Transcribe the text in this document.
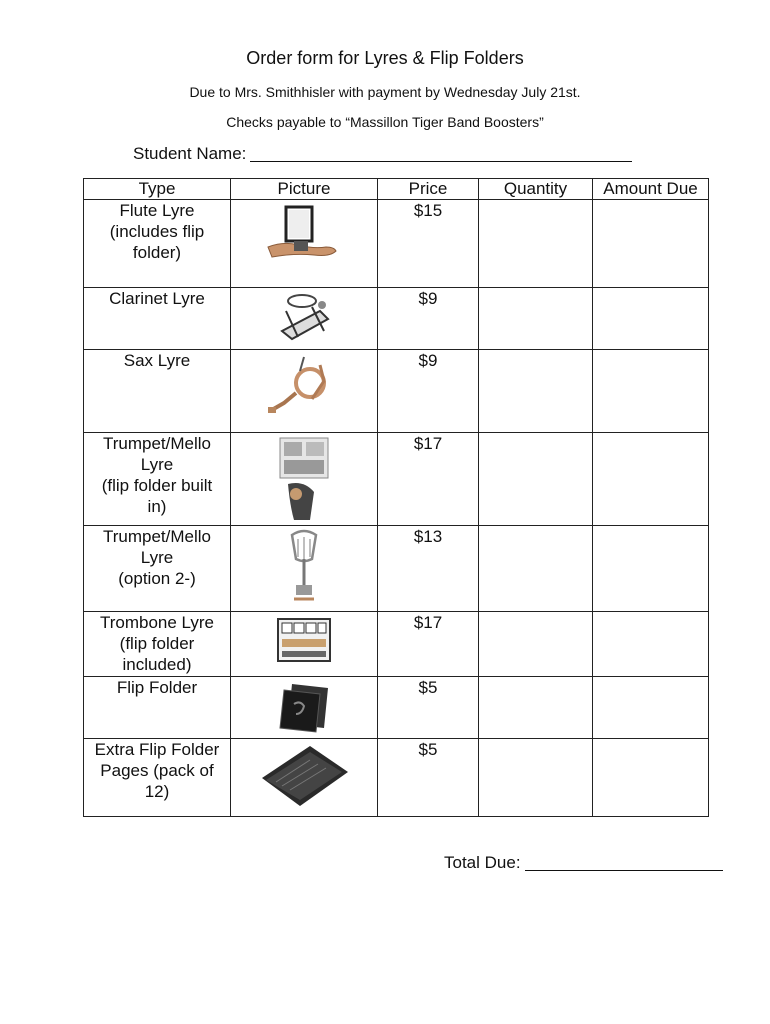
Order form for Lyres & Flip Folders
Due to Mrs. Smithhisler with payment by Wednesday July 21st.
Checks payable to “Massillon Tiger Band Boosters”
Student Name:
Type	Picture	Price	Quantity	Amount Due
Flute Lyre
(includes flip
folder)		$15		
Clarinet Lyre		$9		
Sax Lyre		$9		
Trumpet/Mello
Lyre
(flip folder built
in)		$17		
Trumpet/Mello
Lyre
(option 2-)		$13		
Trombone Lyre
(flip folder
included)		$17		
Flip Folder		$5		
Extra Flip Folder
Pages (pack of
12)		$5		
Total Due:
